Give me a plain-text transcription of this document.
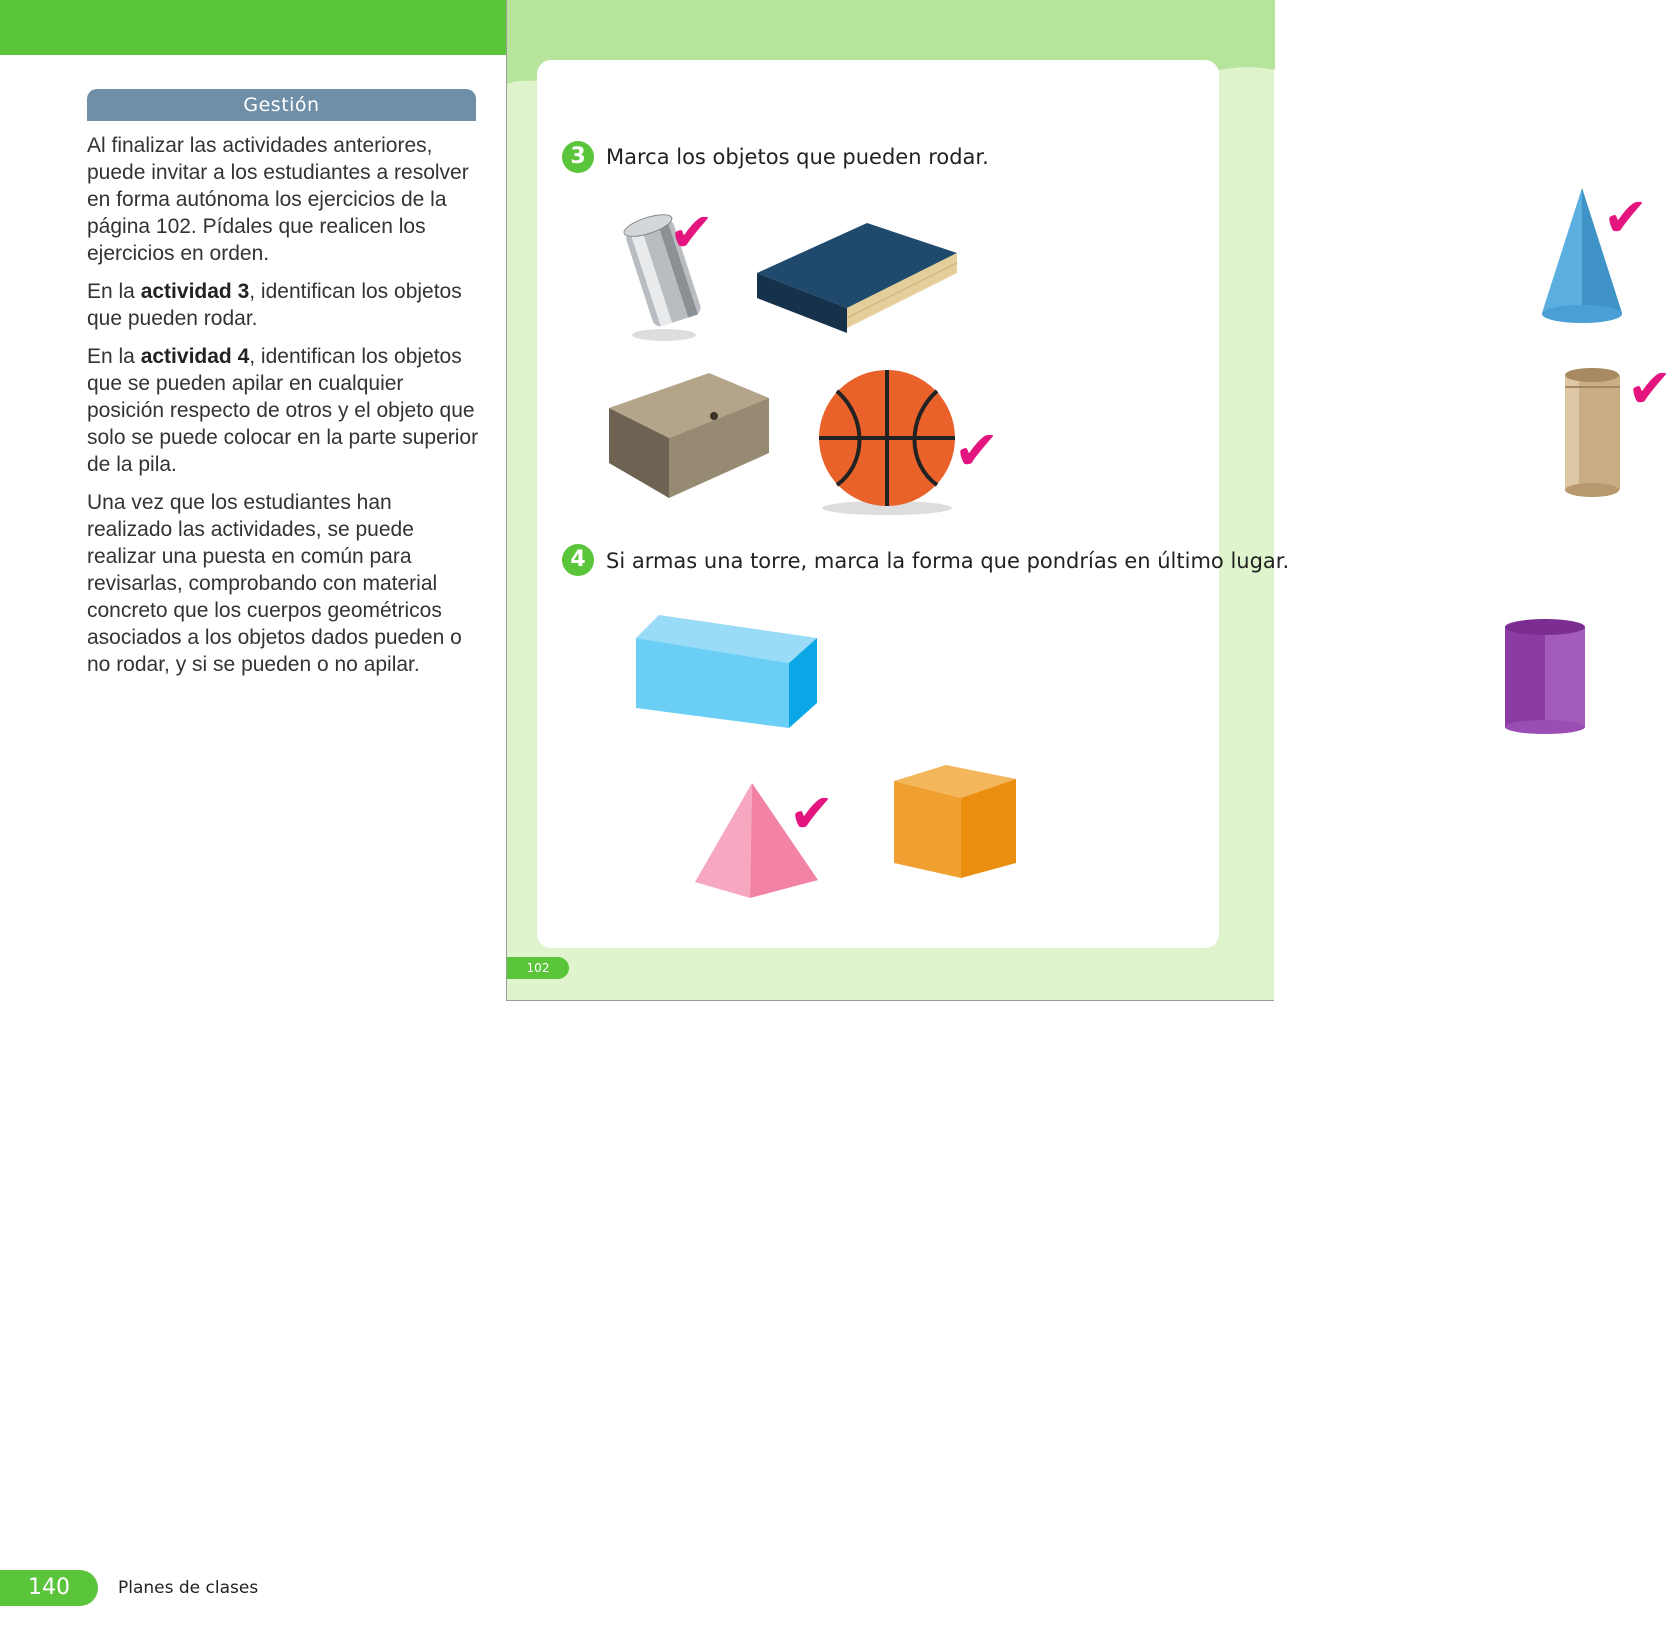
Gestión

Al finalizar las actividades anteriores, puede invitar a los estudiantes a resolver en forma autónoma los ejercicios de la página 102. Pídales que realicen los ejercicios en orden.

En la actividad 3, identifican los objetos que pueden rodar.

En la actividad 4, identifican los objetos que se pueden apilar en cualquier posición respecto de otros y el objeto que solo se puede colocar en la parte superior de la pila.

Una vez que los estudiantes han realizado las actividades, se puede realizar una puesta en común para revisarlas, comprobando con material concreto que los cuerpos geométricos asociados a los objetos dados pueden o no rodar, y si se pueden o no apilar.

3 Marca los objetos que pueden rodar.
✔	✔
✔
✔
4 Si armas una torre, marca la forma que pondrías en último lugar.
✔
102
140	Planes de clases
